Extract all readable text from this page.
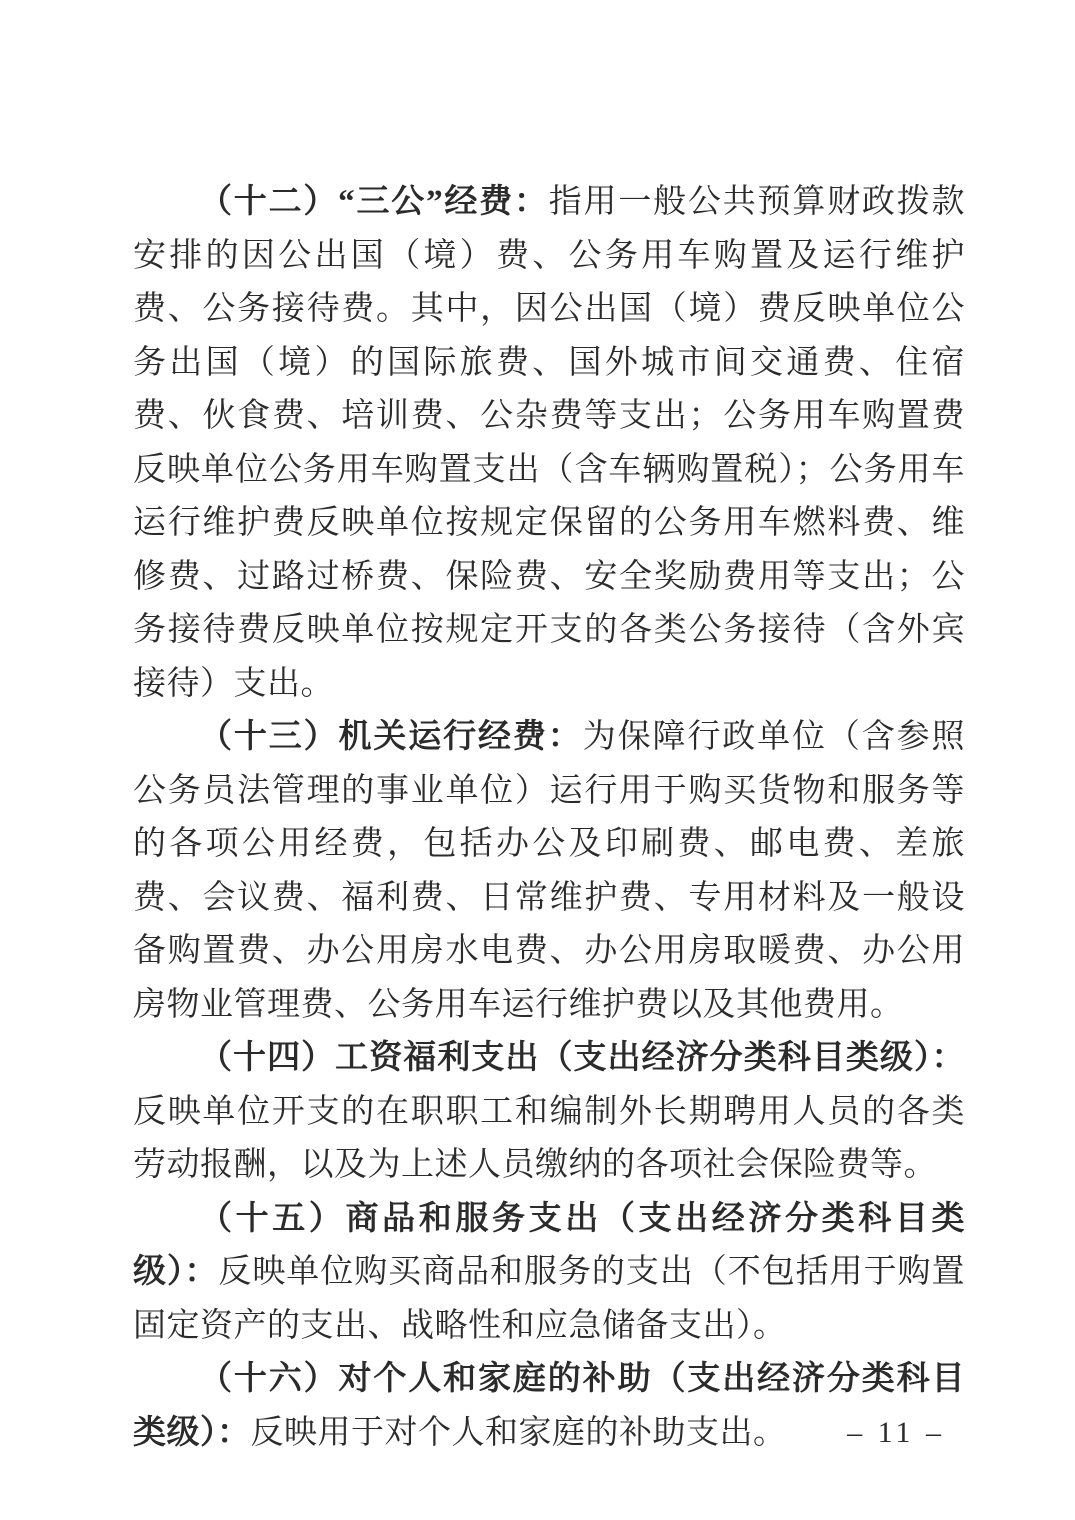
（十二）“三公”经费：指用一般公共预算财政拨款安排的因公出国（境）费、公务用车购置及运行维护费、公务接待费。其中，因公出国（境）费反映单位公务出国（境）的国际旅费、国外城市间交通费、住宿费、伙食费、培训费、公杂费等支出；公务用车购置费反映单位公务用车购置支出（含车辆购置税）；公务用车运行维护费反映单位按规定保留的公务用车燃料费、维修费、过路过桥费、保险费、安全奖励费用等支出；公务接待费反映单位按规定开支的各类公务接待（含外宾接待）支出。

（十三）机关运行经费：为保障行政单位（含参照公务员法管理的事业单位）运行用于购买货物和服务等的各项公用经费，包括办公及印刷费、邮电费、差旅费、会议费、福利费、日常维护费、专用材料及一般设备购置费、办公用房水电费、办公用房取暖费、办公用房物业管理费、公务用车运行维护费以及其他费用。

（十四）工资福利支出（支出经济分类科目类级）：反映单位开支的在职职工和编制外长期聘用人员的各类劳动报酬，以及为上述人员缴纳的各项社会保险费等。

（十五）商品和服务支出（支出经济分类科目类级）：反映单位购买商品和服务的支出（不包括用于购置固定资产的支出、战略性和应急储备支出）。

（十六）对个人和家庭的补助（支出经济分类科目类级）：反映用于对个人和家庭的补助支出。	– 11 –
